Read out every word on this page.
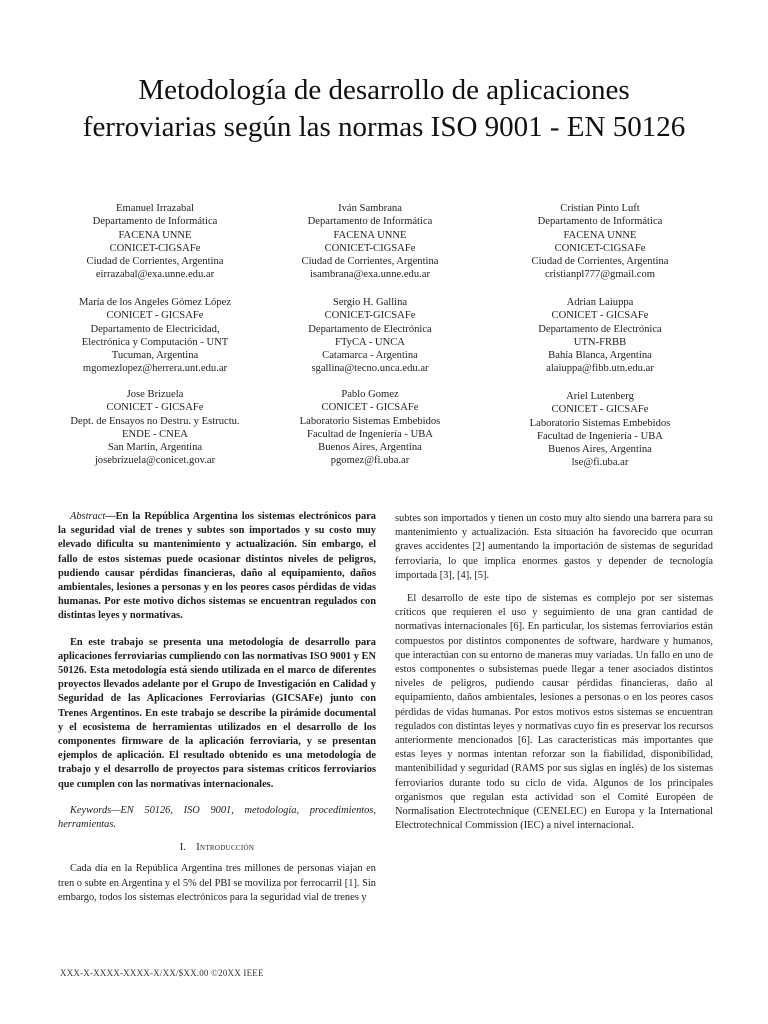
Metodología de desarrollo de aplicaciones
ferroviarias según las normas ISO 9001 - EN 50126
Emanuel Irrazabal
Departamento de Informática
FACENA UNNE
CONICET-CIGSAFe
Ciudad de Corrientes, Argentina
eirrazabal@exa.unne.edu.ar
Iván Sambrana
Departamento de Informática
FACENA UNNE
CONICET-CIGSAFe
Ciudad de Corrientes, Argentina
isambrana@exa.unne.edu.ar
Cristian Pinto Luft
Departamento de Informática
FACENA UNNE
CONICET-CIGSAFe
Ciudad de Corrientes, Argentina
cristianpl777@gmail.com
María de los Angeles Gómez López
CONICET - GICSAFe
Departamento de Electricidad,
Electrónica y Computación - UNT
Tucuman, Argentina
mgomezlopez@herrera.unt.edu.ar
Sergio H. Gallina
CONICET-GICSAFe
Departamento de Electrónica
FTyCA - UNCA
Catamarca - Argentina
sgallina@tecno.unca.edu.ar
Adrian Laiuppa
CONICET - GICSAFe
Departamento de Electrónica
UTN-FRBB
Bahía Blanca, Argentina
alaiuppa@fibb.utn.edu.ar
Jose Brizuela
CONICET - GICSAFe
Dept. de Ensayos no Destru. y Estructu.
ENDE - CNEA
San Martin, Argentina
josebrizuela@conicet.gov.ar
Pablo Gomez
CONICET - GICSAFe
Laboratorio Sistemas Embebidos
Facultad de Ingeniería - UBA
Buenos Aires, Argentina
pgomez@fi.uba.ar
Ariel Lutenberg
CONICET - GICSAFe
Laboratorio Sistemas Embebidos
Facultad de Ingeniería - UBA
Buenos Aires, Argentina
lse@fi.uba.ar

Abstract—En la República Argentina los sistemas electrónicos para la seguridad vial de trenes y subtes son importados y su costo muy elevado dificulta su mantenimiento y actualización. Sin embargo, el fallo de estos sistemas puede ocasionar distintos niveles de peligros, pudiendo causar pérdidas financieras, daño al equipamiento, daños ambientales, lesiones a personas y en los peores casos pérdidas de vidas humanas. Por este motivo dichos sistemas se encuentran regulados con distintas leyes y normativas.

En este trabajo se presenta una metodología de desarrollo para aplicaciones ferroviarias cumpliendo con las normativas ISO 9001 y EN 50126. Esta metodología está siendo utilizada en el marco de diferentes proyectos llevados adelante por el Grupo de Investigación en Calidad y Seguridad de las Aplicaciones Ferroviarias (GICSAFe) junto con Trenes Argentinos. En este trabajo se describe la pirámide documental y el ecosistema de herramientas utilizados en el desarrollo de los componentes firmware de la aplicación ferroviaria, y se presentan ejemplos de aplicación. El resultado obtenido es una metodología de trabajo y el desarrollo de proyectos para sistemas críticos ferroviarios que cumplen con las normativas internacionales.

Keywords—EN 50126, ISO 9001, metodología, procedimientos, herramientas.

I. Introducción

Cada día en la República Argentina tres millones de personas viajan en tren o subte en Argentina y el 5% del PBI se moviliza por ferrocarril [1]. Sin embargo, todos los sistemas electrónicos para la seguridad vial de trenes y

subtes son importados y tienen un costo muy alto siendo una barrera para su mantenimiento y actualización. Esta situación ha favorecido que ocurran graves accidentes [2] aumentando la importación de sistemas de seguridad ferroviaria, lo que implica enormes gastos y depender de tecnología importada [3], [4], [5].

El desarrollo de este tipo de sistemas es complejo por ser sistemas críticos que requieren el uso y seguimiento de una gran cantidad de normativas internacionales [6]. En particular, los sistemas ferroviarios están compuestos por distintos componentes de software, hardware y humanos, que interactúan con su entorno de maneras muy variadas. Un fallo en uno de estos componentes o subsistemas puede llegar a tener asociados distintos niveles de peligros, pudiendo causar pérdidas financieras, daño al equipamiento, daños ambientales, lesiones a personas o en los peores casos pérdidas de vidas humanas. Por estos motivos estos sistemas se encuentran regulados con distintas leyes y normativas cuyo fin es preservar los recursos anteriormente mencionados [6]. Las características más importantes que estas leyes y normas intentan reforzar son la fiabilidad, disponibilidad, mantenibilidad y seguridad (RAMS por sus siglas en inglés) de los sistemas ferroviarios durante todo su ciclo de vida. Algunos de los principales organismos que regulan esta actividad son el Comité Européen de Normalisation Electrotechnique (CENELEC) en Europa y la International Electrotechnical Commission (IEC) a nivel internacional.

XXX-X-XXXX-XXXX-X/XX/$XX.00 ©20XX IEEE
